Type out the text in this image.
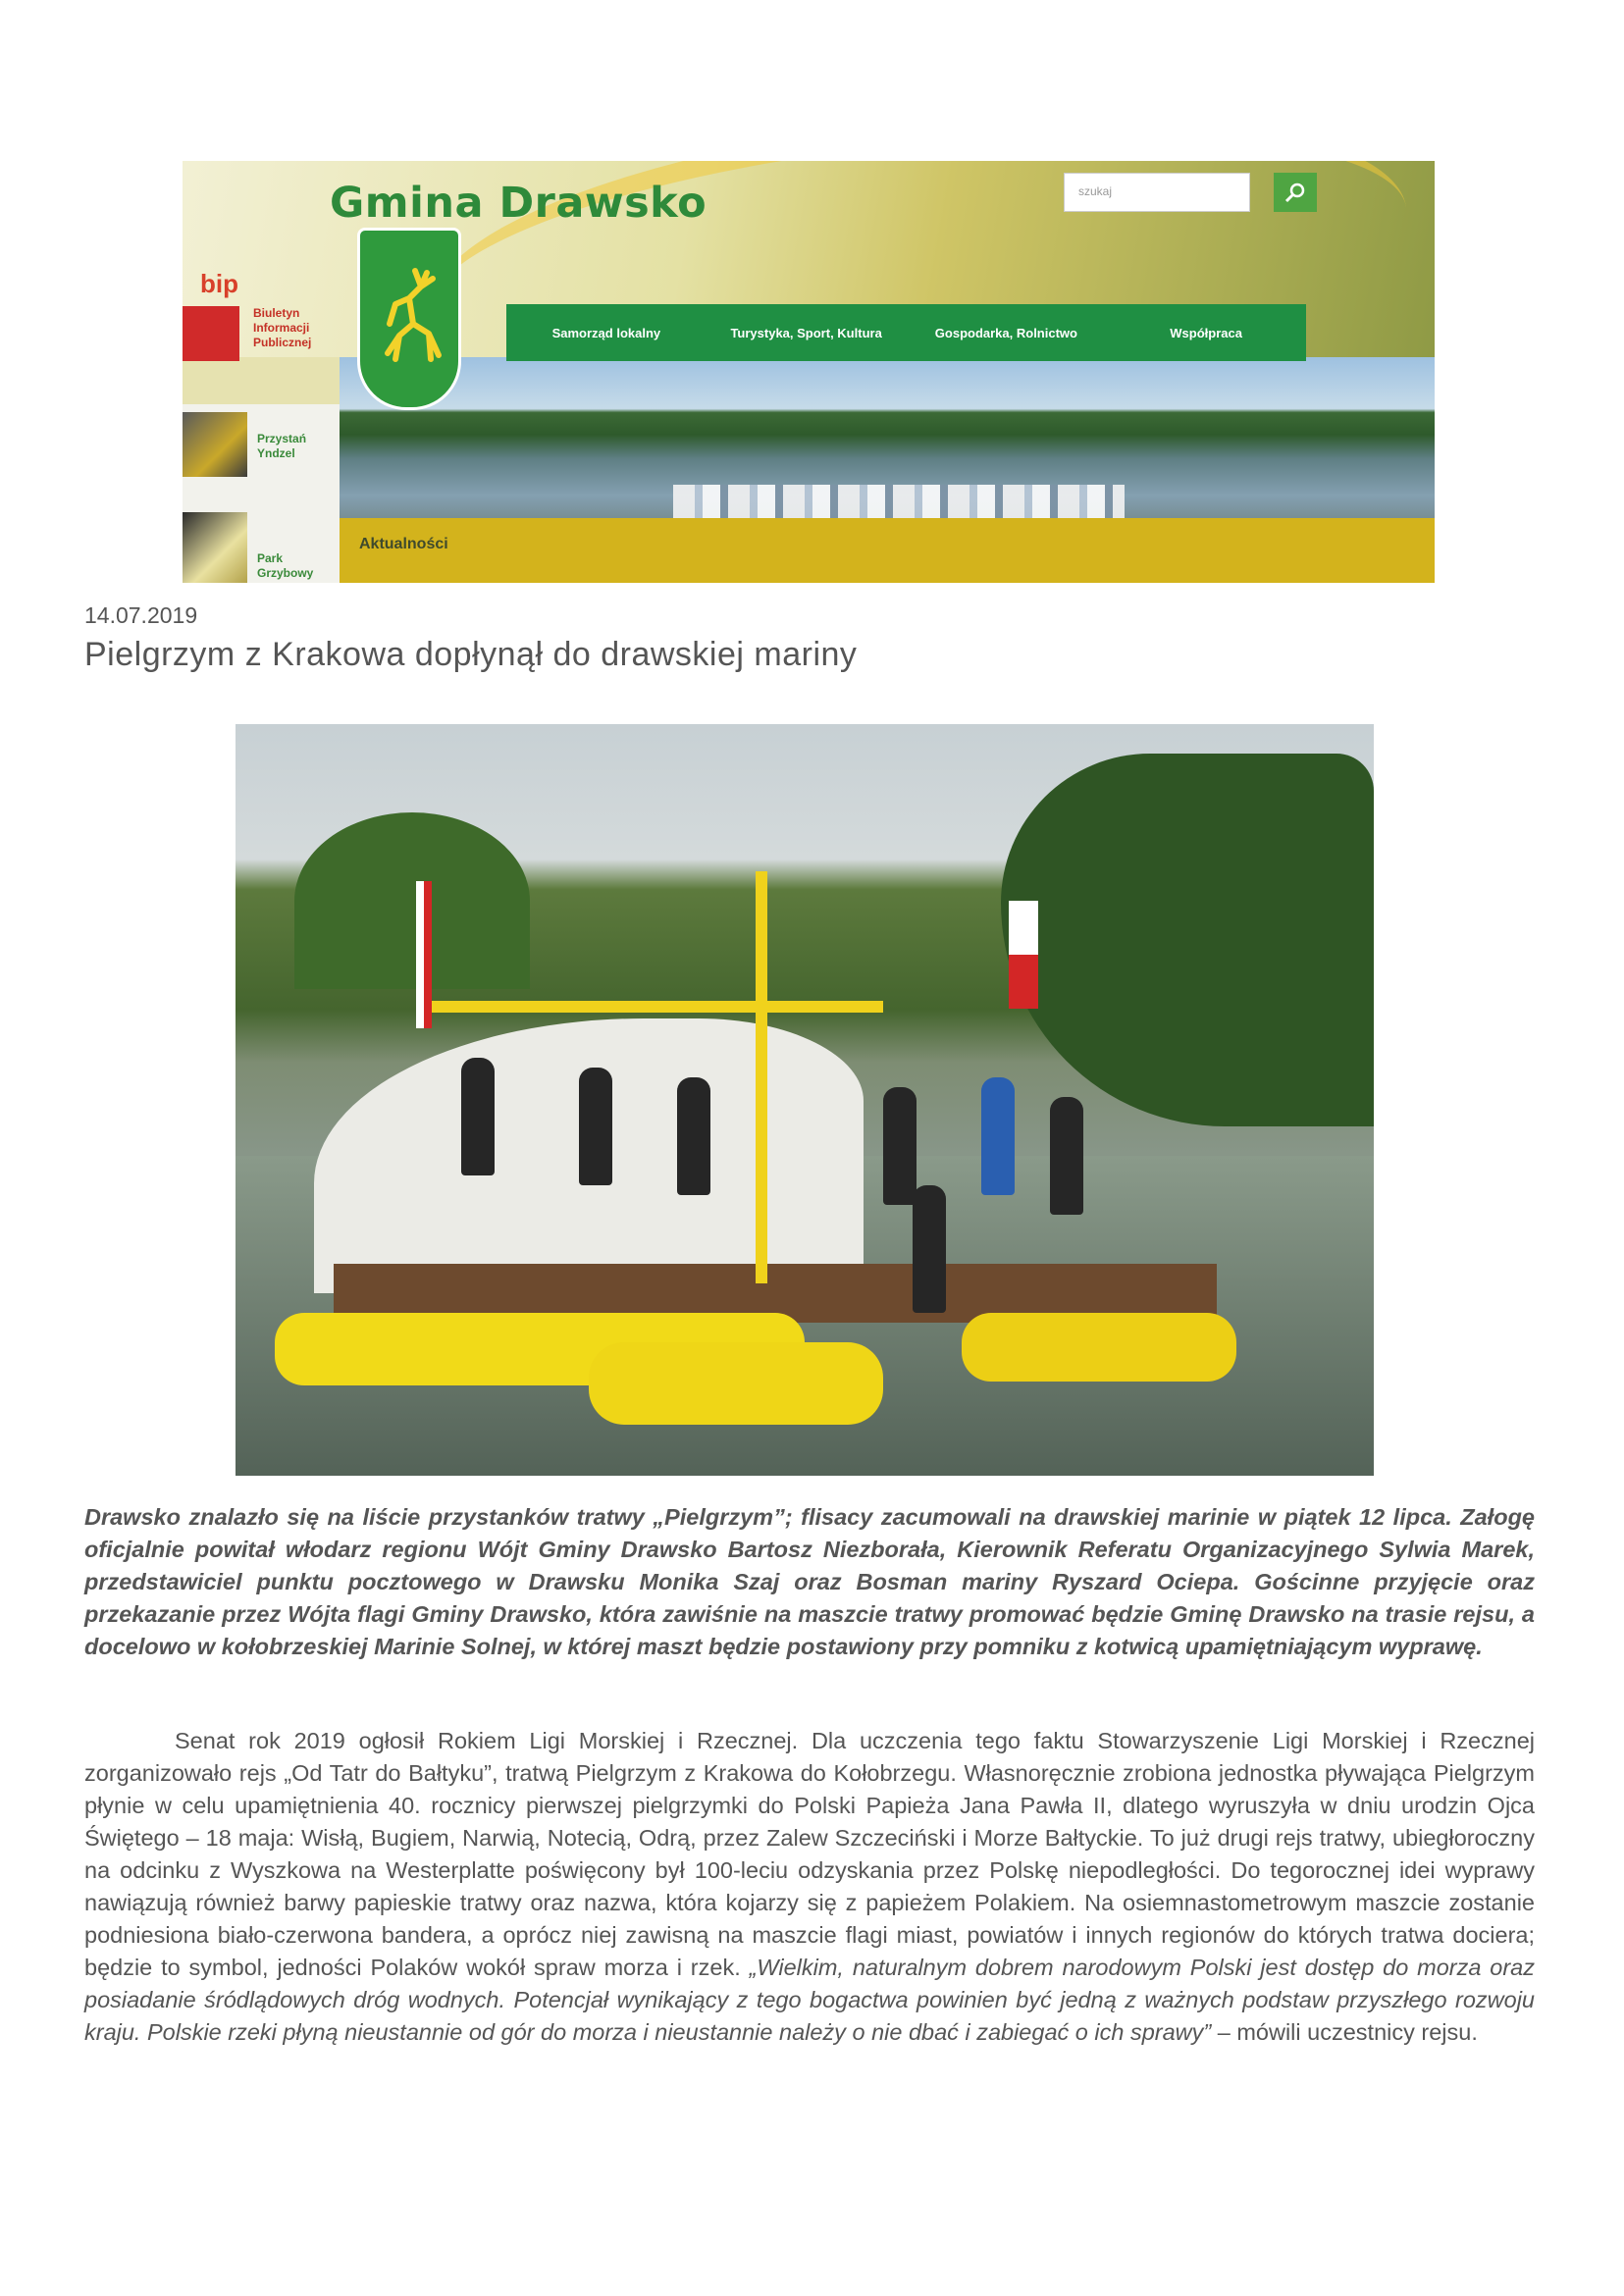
Gmina Drawsko	szukaj
Samorząd lokalny	Turystyka, Sport, Kultura	Gospodarka, Rolnictwo	Współpraca
bip
Biuletyn
Informacji
Publicznej
Przystań
Yndzel
Park
Grzybowy
Aktualności
14.07.2019
Pielgrzym z Krakowa dopłynął do drawskiej mariny
Drawsko znalazło się na liście przystanków tratwy „Pielgrzym”; flisacy zacumowali na drawskiej marinie w piątek 12 lipca. Załogę oficjalnie powitał włodarz regionu Wójt Gminy Drawsko Bartosz Niezborała, Kierownik Referatu Organizacyjnego Sylwia Marek, przedstawiciel punktu pocztowego w Drawsku Monika Szaj oraz Bosman mariny Ryszard Ociepa. Gościnne przyjęcie oraz przekazanie przez Wójta flagi Gminy Drawsko, która zawiśnie na maszcie tratwy promować będzie Gminę Drawsko na trasie rejsu, a docelowo w kołobrzeskiej Marinie Solnej, w której maszt będzie postawiony przy pomniku z kotwicą upamiętniającym wyprawę.

Senat rok 2019 ogłosił Rokiem Ligi Morskiej i Rzecznej. Dla uczczenia tego faktu Stowarzyszenie Ligi Morskiej i Rzecznej zorganizowało rejs „Od Tatr do Bałtyku”, tratwą Pielgrzym z Krakowa do Kołobrzegu. Własnoręcznie zrobiona jednostka pływająca Pielgrzym płynie w celu upamiętnienia 40. rocznicy pierwszej pielgrzymki do Polski Papieża Jana Pawła II, dlatego wyruszyła w dniu urodzin Ojca Świętego – 18 maja: Wisłą, Bugiem, Narwią, Notecią, Odrą, przez Zalew Szczeciński i Morze Bałtyckie. To już drugi rejs tratwy, ubiegłoroczny na odcinku z Wyszkowa na Westerplatte poświęcony był 100-leciu odzyskania przez Polskę niepodległości. Do tegorocznej idei wyprawy nawiązują również barwy papieskie tratwy oraz nazwa, która kojarzy się z papieżem Polakiem. Na osiemnastometrowym maszcie zostanie podniesiona biało-czerwona bandera, a oprócz niej zawisną na maszcie flagi miast, powiatów i innych regionów do których tratwa dociera; będzie to symbol, jedności Polaków wokół spraw morza i rzek. „Wielkim, naturalnym dobrem narodowym Polski jest dostęp do morza oraz posiadanie śródlądowych dróg wodnych. Potencjał wynikający z tego bogactwa powinien być jedną z ważnych podstaw przyszłego rozwoju kraju. Polskie rzeki płyną nieustannie od gór do morza i nieustannie należy o nie dbać i zabiegać o ich sprawy” – mówili uczestnicy rejsu.
